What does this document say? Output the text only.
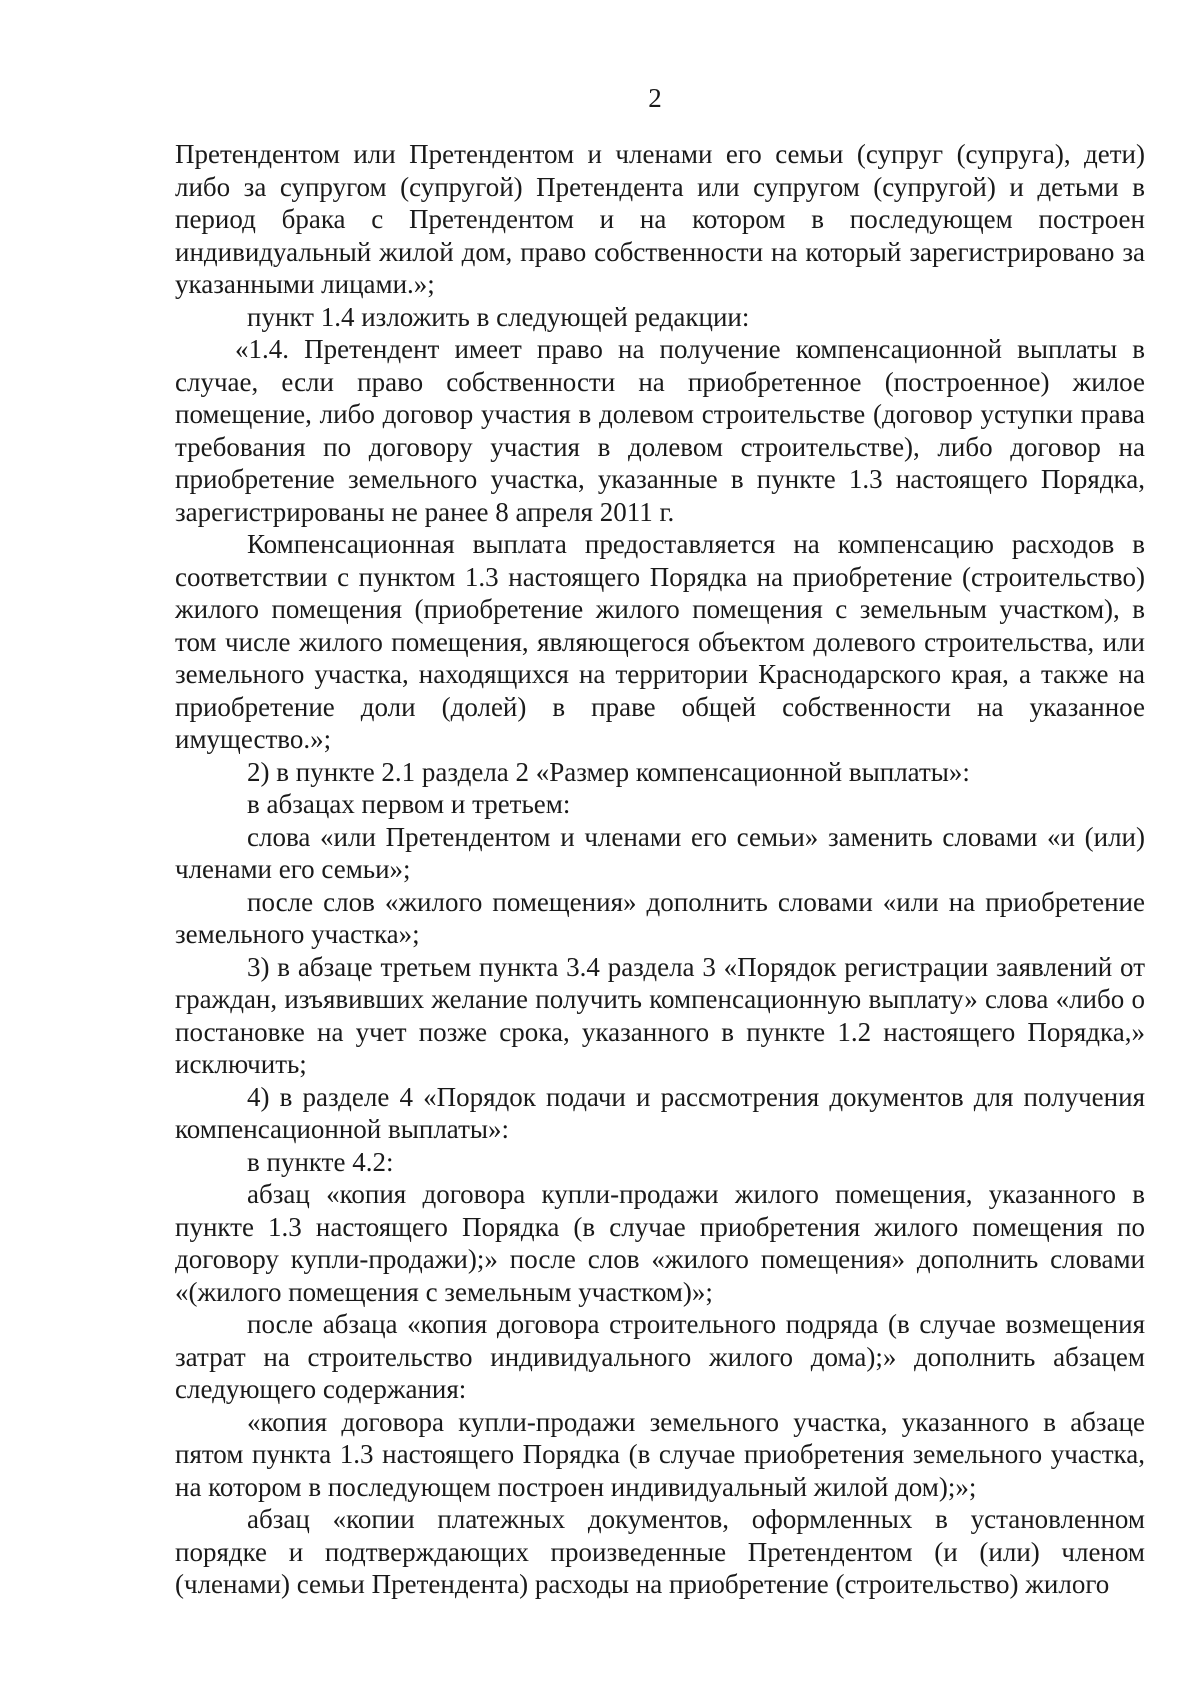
2

Претендентом или Претендентом и членами его семьи (супруг (супруга), дети) либо за супругом (супругой) Претендента или супругом (супругой) и детьми в период брака с Претендентом и на котором в последующем построен индивидуальный жилой дом, право собственности на который зарегистрировано за указанными лицами.»;

пункт 1.4 изложить в следующей редакции:

«1.4. Претендент имеет право на получение компенсационной выплаты в случае, если право собственности на приобретенное (построенное) жилое помещение, либо договор участия в долевом строительстве (договор уступки права требования по договору участия в долевом строительстве), либо договор на приобретение земельного участка, указанные в пункте 1.3 настоящего Порядка, зарегистрированы не ранее 8 апреля 2011 г.

Компенсационная выплата предоставляется на компенсацию расходов в соответствии с пунктом 1.3 настоящего Порядка на приобретение (строительство) жилого помещения (приобретение жилого помещения с земельным участком), в том числе жилого помещения, являющегося объектом долевого строительства, или земельного участка, находящихся на территории Краснодарского края, а также на приобретение доли (долей) в праве общей собственности на указанное имущество.»;

2) в пункте 2.1 раздела 2 «Размер компенсационной выплаты»:

в абзацах первом и третьем:

слова «или Претендентом и членами его семьи» заменить словами «и (или) членами его семьи»;

после слов «жилого помещения» дополнить словами «или на приобретение земельного участка»;

3) в абзаце третьем пункта 3.4 раздела 3 «Порядок регистрации заявлений от граждан, изъявивших желание получить компенсационную выплату» слова «либо о постановке на учет позже срока, указанного в пункте 1.2 настоящего Порядка,» исключить;

4) в разделе 4 «Порядок подачи и рассмотрения документов для получения компенсационной выплаты»:

в пункте 4.2:

абзац «копия договора купли-продажи жилого помещения, указанного в пункте 1.3 настоящего Порядка (в случае приобретения жилого помещения по договору купли-продажи);» после слов «жилого помещения» дополнить словами «(жилого помещения с земельным участком)»;

после абзаца «копия договора строительного подряда (в случае возмещения затрат на строительство индивидуального жилого дома);» дополнить абзацем следующего содержания:

«копия договора купли-продажи земельного участка, указанного в абзаце пятом пункта 1.3 настоящего Порядка (в случае приобретения земельного участка, на котором в последующем построен индивидуальный жилой дом);»;

абзац «копии платежных документов, оформленных в установленном порядке и подтверждающих произведенные Претендентом (и (или) членом (членами) семьи Претендента) расходы на приобретение (строительство) жилого
